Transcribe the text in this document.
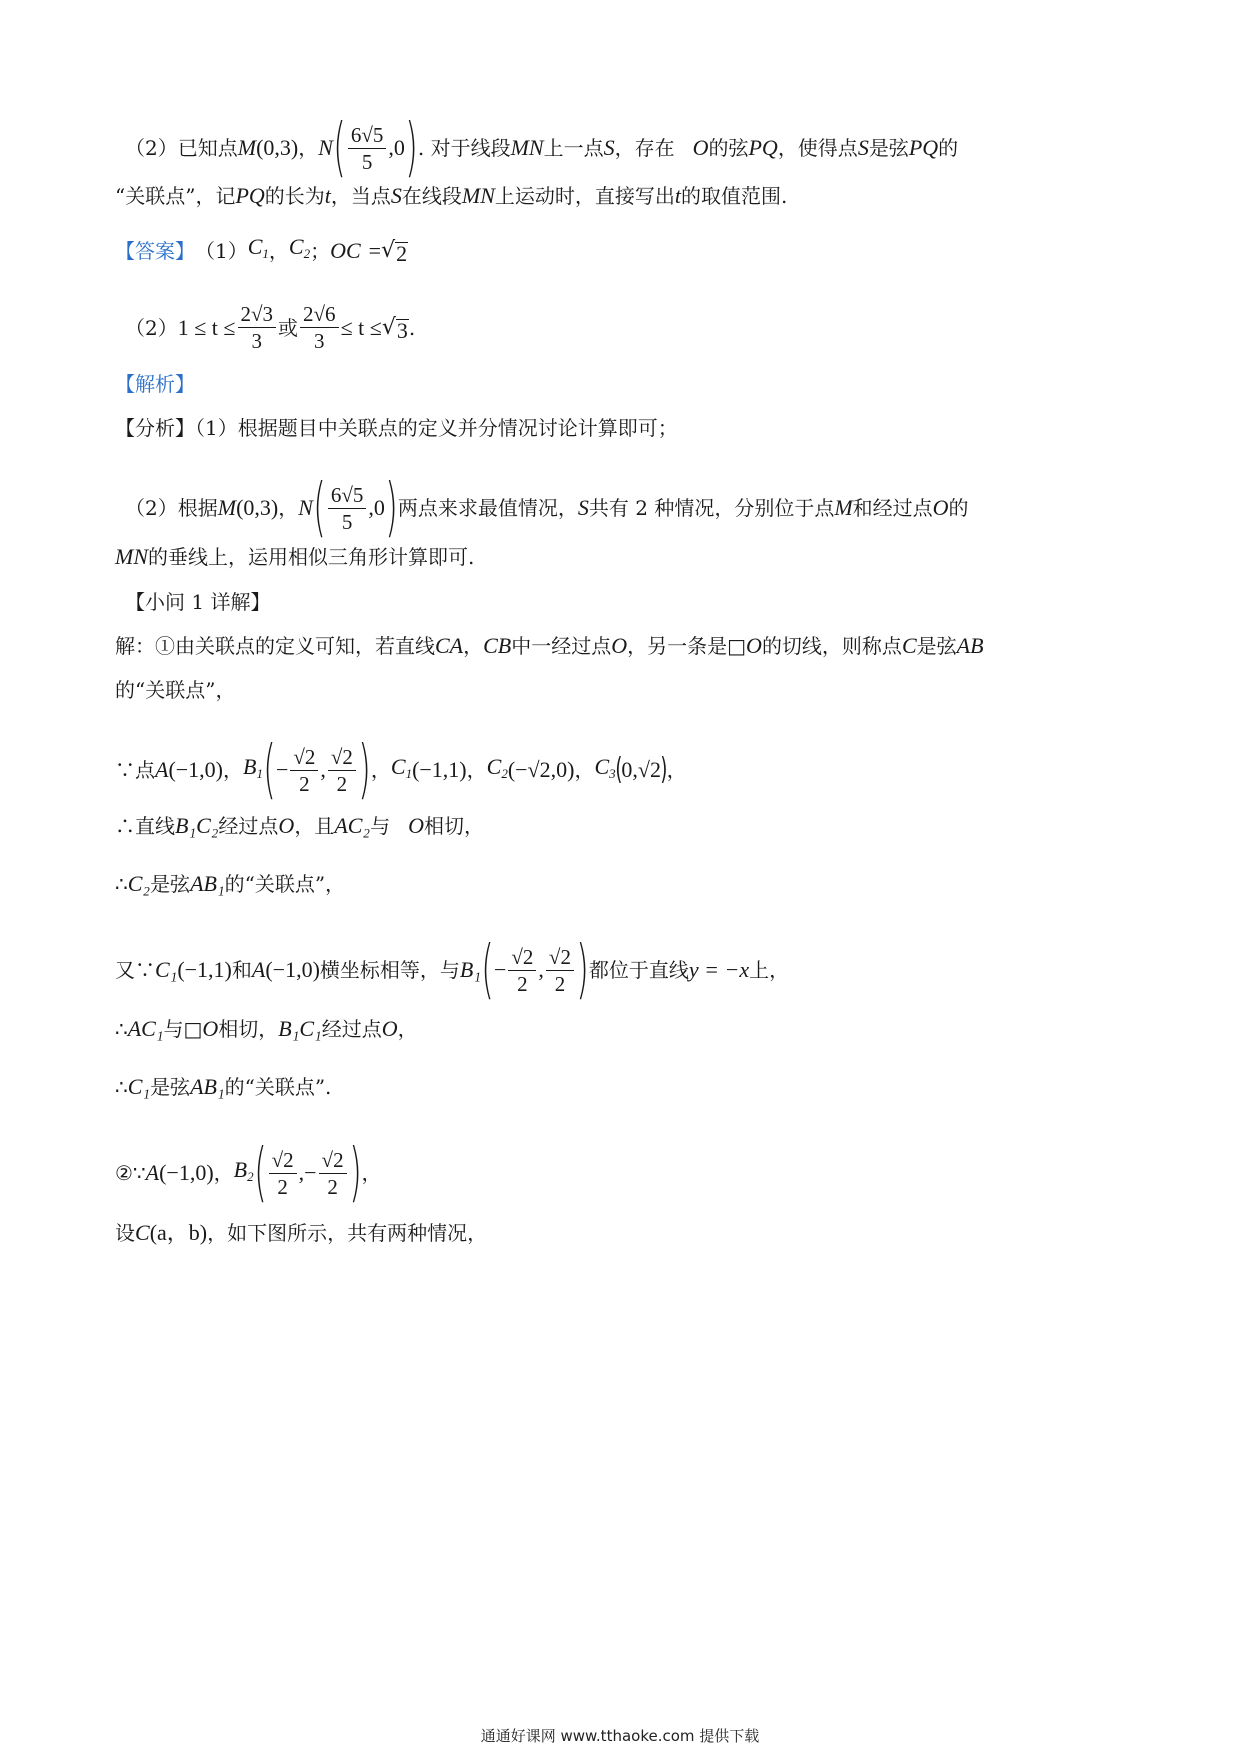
（2）已知点 M (0,3) ， N ( $\frac{6√5}{5} ,0$ ) . 对于线段 MN 上一点 S ，存在 O 的弦 PQ ，使得点 S 是弦 PQ 的
“关联点”，记 PQ 的长为 t ，当点 S 在线段 MN 上运动时，直接写出 t 的取值范围.
【答案】 （1） $C_1$ ， $C_2$ ； OC = √ 2
（2） $1 \le t \le \frac{2√3}{3}$ 或 $\frac{2√6}{3} \le t$ ≤ √ 3 .
【解析】
【分析】（1）根据题目中关联点的定义并分情况讨论计算即可；
（2）根据 M (0,3) ， N ( $\frac{6√5}{5} ,0$ ) 两点来求最值情况， S 共有 2 种情况，分别位于点 M 和经过点 O 的
MN 的垂线上，运用相似三角形计算即可.
【小问 1 详解】
解：①由关联点的定义可知，若直线 CA ， CB 中一经过点 O ，另一条是 □ O 的切线，则称点 C 是弦 AB
的“关联点”，
∵点 A (−1,0) ， $B_1$ ( − $\frac{√2}{2}$ , $\frac{√2}{2}$ ) ， $C_1$ (−1,1) ， $C_2$ (−√2,0) ， $C_3$ ( 0,√2 ) ，
∴直线 B₁C₂ 经过点 O ，且 AC₂ 与 O 相切，
∴ C₂ 是弦 AB₁ 的“关联点”，
又∵ C₁ (−1,1) 和 A (−1,0) 横坐标相等，与 B₁ ( − $\frac{√2}{2}$ , $\frac{√2}{2}$ ) 都位于直线 y = −x 上，
∴ AC₁ 与 □ O 相切， B₁C₁ 经过点 O ，
∴ C₁ 是弦 AB₁ 的“关联点”.
②∵ A (−1,0) ， $B_2$ ( $\frac{√2}{2}$ ,− $\frac{√2}{2}$ ) ，
设 C (a，b) ，如下图所示，共有两种情况，
通通好课网 www.tthaoke.com 提供下载
